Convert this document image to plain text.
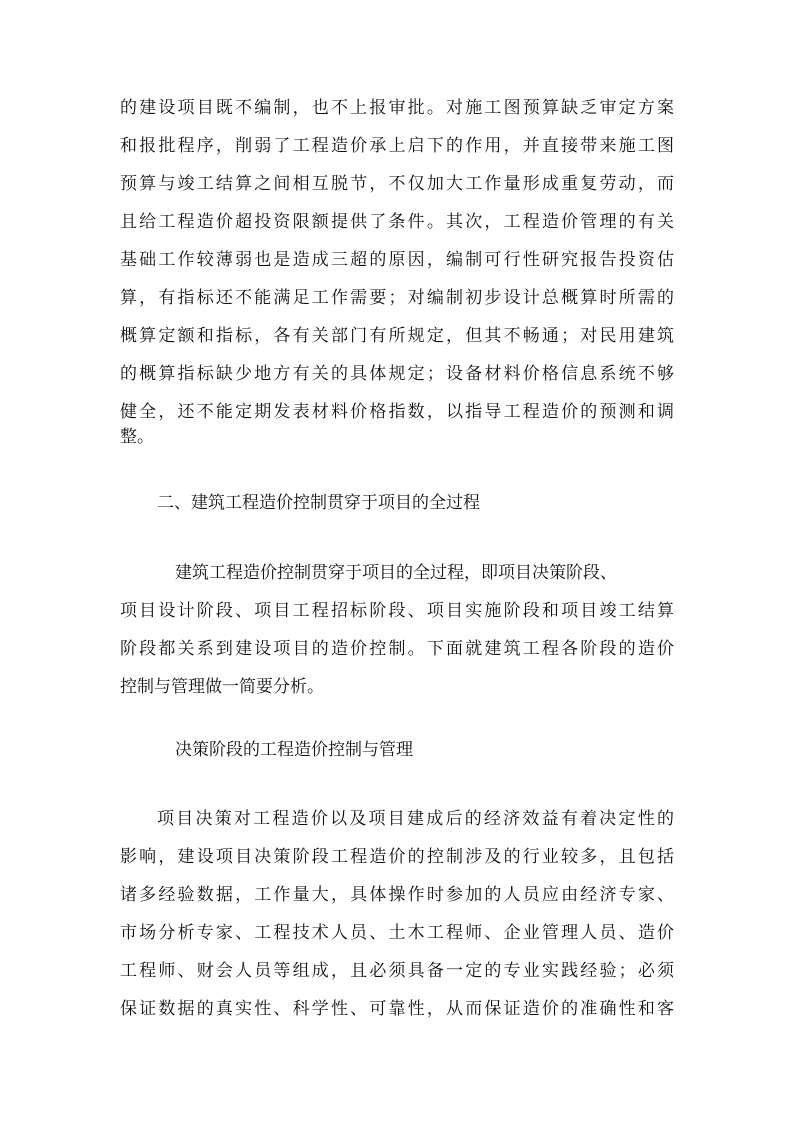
的建设项目既不编制，也不上报审批。对施工图预算缺乏审定方案

和报批程序，削弱了工程造价承上启下的作用，并直接带来施工图

预算与竣工结算之间相互脱节，不仅加大工作量形成重复劳动，而

且给工程造价超投资限额提供了条件。其次，工程造价管理的有关

基础工作较薄弱也是造成三超的原因，编制可行性研究报告投资估

算，有指标还不能满足工作需要；对编制初步设计总概算时所需的

概算定额和指标，各有关部门有所规定，但其不畅通；对民用建筑

的概算指标缺少地方有关的具体规定；设备材料价格信息系统不够

健全，还不能定期发表材料价格指数，以指导工程造价的预测和调

整。

二、建筑工程造价控制贯穿于项目的全过程

建筑工程造价控制贯穿于项目的全过程，即项目决策阶段、

项目设计阶段、项目工程招标阶段、项目实施阶段和项目竣工结算

阶段都关系到建设项目的造价控制。下面就建筑工程各阶段的造价

控制与管理做一简要分析。

决策阶段的工程造价控制与管理

项目决策对工程造价以及项目建成后的经济效益有着决定性的

影响，建设项目决策阶段工程造价的控制涉及的行业较多，且包括

诸多经验数据，工作量大，具体操作时参加的人员应由经济专家、

市场分析专家、工程技术人员、土木工程师、企业管理人员、造价

工程师、财会人员等组成，且必须具备一定的专业实践经验；必须

保证数据的真实性、科学性、可靠性，从而保证造价的准确性和客
